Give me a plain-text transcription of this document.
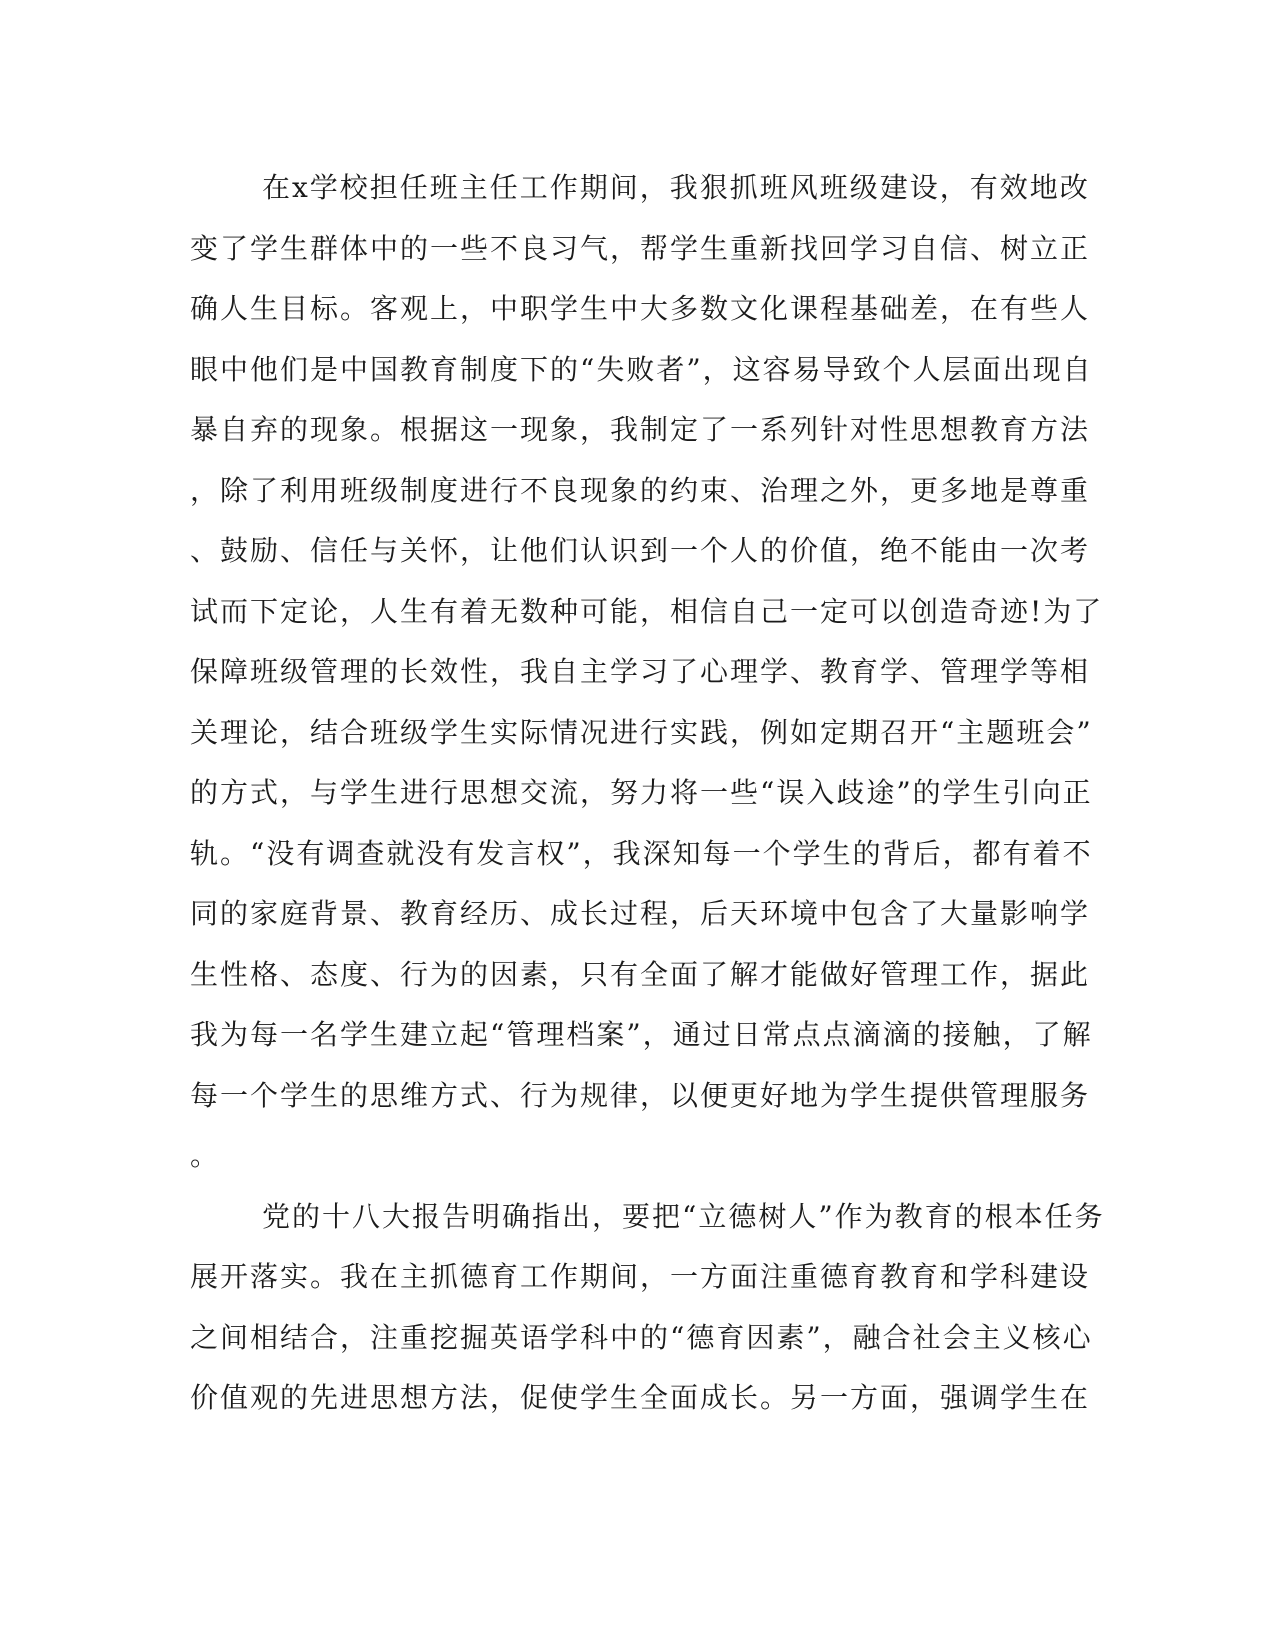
在x学校担任班主任工作期间，我狠抓班风班级建设，有效地改
变了学生群体中的一些不良习气，帮学生重新找回学习自信、树立正
确人生目标。客观上，中职学生中大多数文化课程基础差，在有些人
眼中他们是中国教育制度下的“失败者”，这容易导致个人层面出现自
暴自弃的现象。根据这一现象，我制定了一系列针对性思想教育方法
，除了利用班级制度进行不良现象的约束、治理之外，更多地是尊重
、鼓励、信任与关怀，让他们认识到一个人的价值，绝不能由一次考
试而下定论，人生有着无数种可能，相信自己一定可以创造奇迹!为了
保障班级管理的长效性，我自主学习了心理学、教育学、管理学等相
关理论，结合班级学生实际情况进行实践，例如定期召开“主题班会”
的方式，与学生进行思想交流，努力将一些“误入歧途”的学生引向正
轨。“没有调查就没有发言权”，我深知每一个学生的背后，都有着不
同的家庭背景、教育经历、成长过程，后天环境中包含了大量影响学
生性格、态度、行为的因素，只有全面了解才能做好管理工作，据此
我为每一名学生建立起“管理档案”，通过日常点点滴滴的接触，了解
每一个学生的思维方式、行为规律，以便更好地为学生提供管理服务
。
党的十八大报告明确指出，要把“立德树人”作为教育的根本任务
展开落实。我在主抓德育工作期间，一方面注重德育教育和学科建设
之间相结合，注重挖掘英语学科中的“德育因素”，融合社会主义核心
价值观的先进思想方法，促使学生全面成长。另一方面，强调学生在
